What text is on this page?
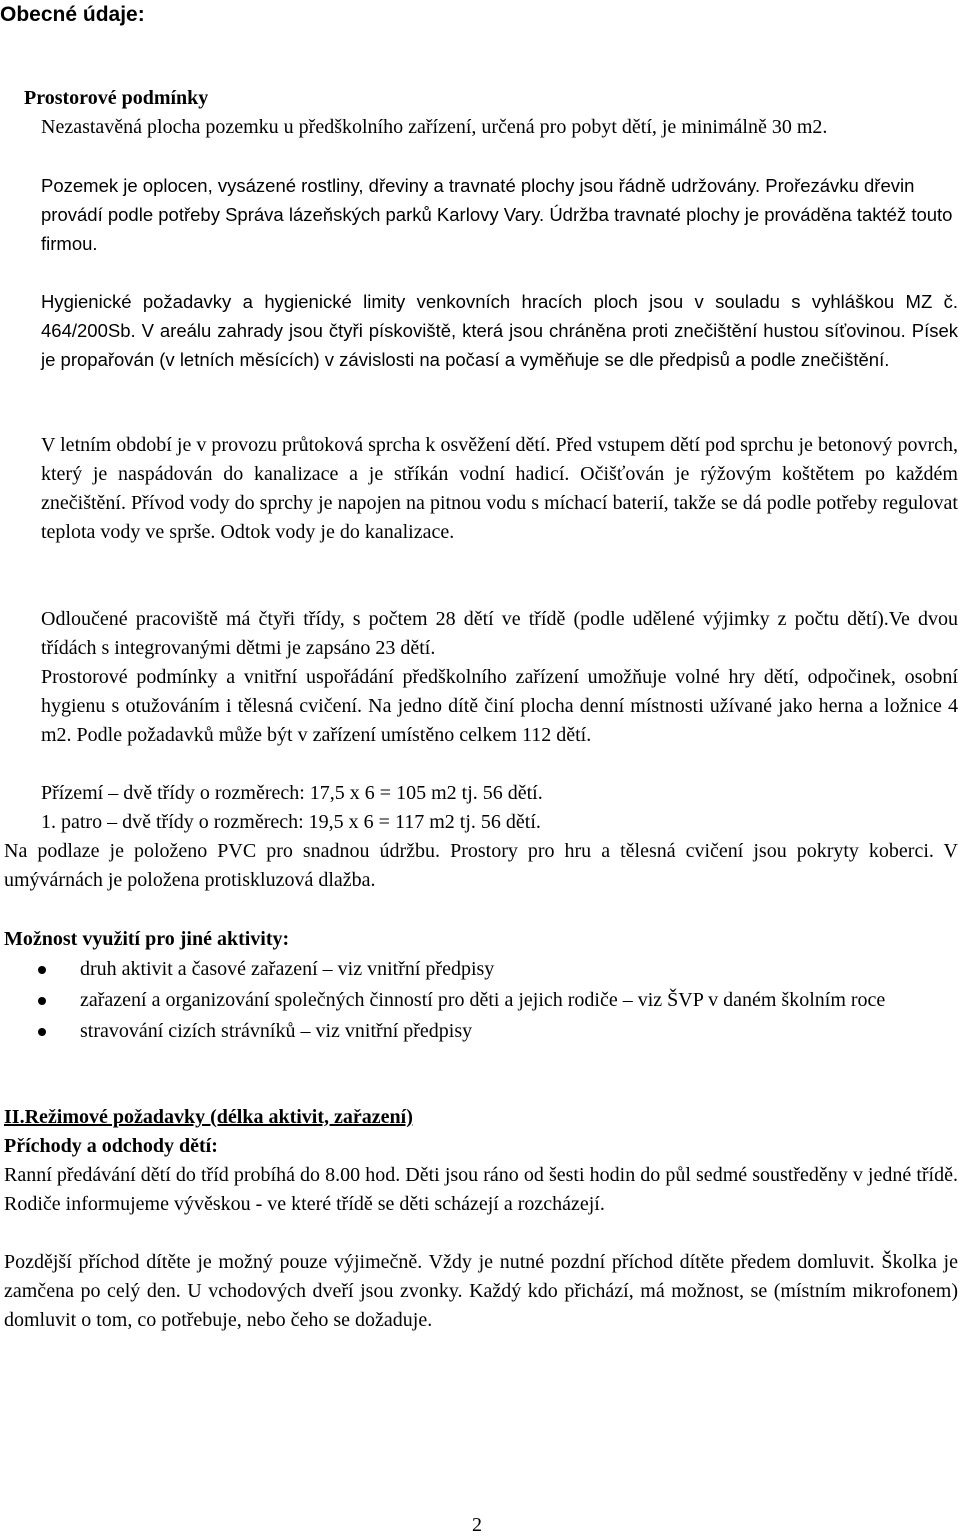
Obecné údaje:
Prostorové podmínky

Nezastavěná plocha pozemku u předškolního zařízení, určená pro pobyt dětí, je minimálně 30 m2.

Pozemek je oplocen, vysázené rostliny, dřeviny a travnaté plochy jsou řádně udržovány. Prořezávku dřevin provádí podle potřeby Správa lázeňských parků Karlovy Vary. Údržba travnaté plochy je prováděna taktéž touto firmou.

Hygienické požadavky a hygienické limity venkovních hracích ploch jsou v souladu s vyhláškou MZ č. 464/200Sb. V areálu zahrady jsou čtyři pískoviště, která jsou chráněna proti znečištění hustou síťovinou. Písek je propařován (v letních měsících) v závislosti na počasí a vyměňuje se dle předpisů a podle znečištění.

V letním období je v provozu průtoková sprcha k osvěžení dětí. Před vstupem dětí pod sprchu je betonový povrch, který je naspádován do kanalizace a je stříkán vodní hadicí. Očišťován je rýžovým koštětem po každém znečištění. Přívod vody do sprchy je napojen na pitnou vodu s míchací baterií, takže se dá podle potřeby regulovat teplota vody ve sprše. Odtok vody je do kanalizace.

Odloučené pracoviště má čtyři třídy, s počtem 28 dětí ve třídě (podle udělené výjimky z počtu dětí).Ve dvou třídách s integrovanými dětmi je zapsáno 23 dětí.

Prostorové podmínky a vnitřní uspořádání předškolního zařízení umožňuje volné hry dětí, odpočinek, osobní hygienu s otužováním i tělesná cvičení. Na jedno dítě činí plocha denní místnosti užívané jako herna a ložnice 4 m2. Podle požadavků může být v zařízení umístěno celkem 112 dětí.

Přízemí – dvě třídy o rozměrech: 17,5 x 6 = 105 m2 tj. 56 dětí.
1. patro – dvě třídy o rozměrech: 19,5 x 6 = 117 m2 tj. 56 dětí.

Na podlaze je položeno PVC pro snadnou údržbu. Prostory pro hru a tělesná cvičení jsou pokryty koberci. V umývárnách je položena protiskluzová dlažba.

Možnost využití pro jiné aktivity:
druh aktivit a časové zařazení – viz vnitřní předpisy
zařazení a organizování společných činností pro děti a jejich rodiče – viz ŠVP v daném školním roce
stravování cizích strávníků – viz vnitřní předpisy
II.Režimové požadavky (délka aktivit, zařazení)
Příchody a odchody dětí:

Ranní předávání dětí do tříd probíhá do 8.00 hod. Děti jsou ráno od šesti hodin do půl sedmé soustředěny v jedné třídě. Rodiče informujeme vývěskou - ve které třídě se děti scházejí a rozcházejí.

Pozdější příchod dítěte je možný pouze výjimečně. Vždy je nutné pozdní příchod dítěte předem domluvit. Školka je zamčena po celý den. U vchodových dveří jsou zvonky. Každý kdo přichází, má možnost, se (místním mikrofonem) domluvit o tom, co potřebuje, nebo čeho se dožaduje.

2
